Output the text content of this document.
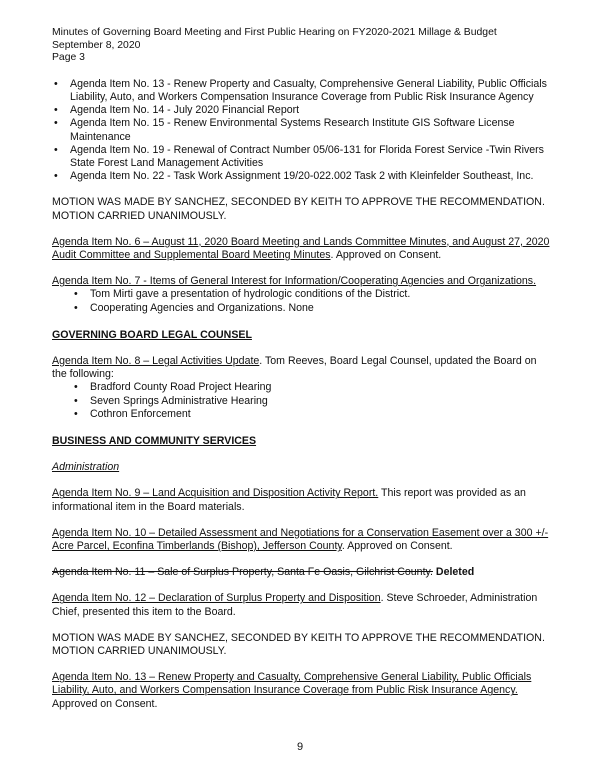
Minutes of Governing Board Meeting and First Public Hearing on FY2020-2021 Millage & Budget
September 8, 2020
Page 3
• Agenda Item No. 13 - Renew Property and Casualty, Comprehensive General Liability, Public Officials Liability, Auto, and Workers Compensation Insurance Coverage from Public Risk Insurance Agency
• Agenda Item No. 14 - July 2020 Financial Report
• Agenda Item No. 15 - Renew Environmental Systems Research Institute GIS Software License Maintenance
• Agenda Item No. 19 - Renewal of Contract Number 05/06-131 for Florida Forest Service -Twin Rivers State Forest Land Management Activities
• Agenda Item No. 22 - Task Work Assignment 19/20-022.002 Task 2 with Kleinfelder Southeast, Inc.

MOTION WAS MADE BY SANCHEZ, SECONDED BY KEITH TO APPROVE THE RECOMMENDATION. MOTION CARRIED UNANIMOUSLY.

Agenda Item No. 6 – August 11, 2020 Board Meeting and Lands Committee Minutes, and August 27, 2020 Audit Committee and Supplemental Board Meeting Minutes. Approved on Consent.

Agenda Item No. 7 - Items of General Interest for Information/Cooperating Agencies and Organizations.

• Tom Mirti gave a presentation of hydrologic conditions of the District.
• Cooperating Agencies and Organizations. None

GOVERNING BOARD LEGAL COUNSEL

Agenda Item No. 8 – Legal Activities Update. Tom Reeves, Board Legal Counsel, updated the Board on the following:

• Bradford County Road Project Hearing
• Seven Springs Administrative Hearing
• Cothron Enforcement

BUSINESS AND COMMUNITY SERVICES

Administration

Agenda Item No. 9 – Land Acquisition and Disposition Activity Report. This report was provided as an informational item in the Board materials.

Agenda Item No. 10 – Detailed Assessment and Negotiations for a Conservation Easement over a 300 +/- Acre Parcel, Econfina Timberlands (Bishop), Jefferson County. Approved on Consent.

Agenda Item No. 11 – Sale of Surplus Property, Santa Fe Oasis, Gilchrist County. Deleted

Agenda Item No. 12 – Declaration of Surplus Property and Disposition. Steve Schroeder, Administration Chief, presented this item to the Board.

MOTION WAS MADE BY SANCHEZ, SECONDED BY KEITH TO APPROVE THE RECOMMENDATION. MOTION CARRIED UNANIMOUSLY.

Agenda Item No. 13 – Renew Property and Casualty, Comprehensive General Liability, Public Officials Liability, Auto, and Workers Compensation Insurance Coverage from Public Risk Insurance Agency. Approved on Consent.

9
